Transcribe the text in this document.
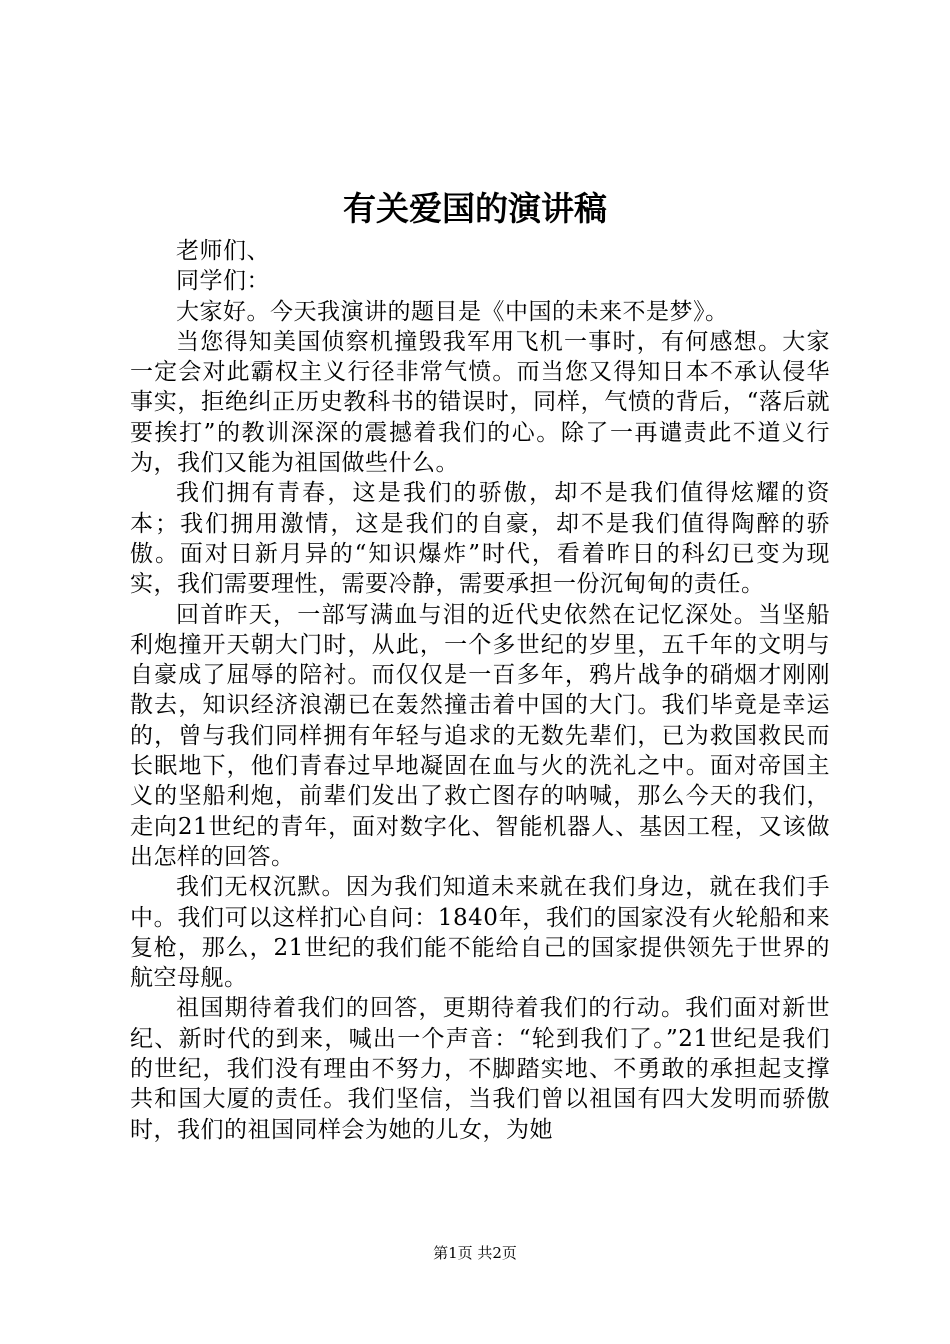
有关爱国的演讲稿

老师们、

同学们：

大家好。今天我演讲的题目是《中国的未来不是梦》。

当您得知美国侦察机撞毁我军用飞机一事时，有何感想。大家一定会对此霸权主义行径非常气愤。而当您又得知日本不承认侵华事实，拒绝纠正历史教科书的错误时，同样，气愤的背后，“落后就要挨打”的教训深深的震撼着我们的心。除了一再谴责此不道义行为，我们又能为祖国做些什么。

我们拥有青春，这是我们的骄傲，却不是我们值得炫耀的资本；我们拥用激情，这是我们的自豪，却不是我们值得陶醉的骄傲。面对日新月异的“知识爆炸”时代，看着昨日的科幻已变为现实，我们需要理性，需要冷静，需要承担一份沉甸甸的责任。

回首昨天，一部写满血与泪的近代史依然在记忆深处。当坚船利炮撞开天朝大门时，从此，一个多世纪的岁里，五千年的文明与自豪成了屈辱的陪衬。而仅仅是一百多年，鸦片战争的硝烟才刚刚散去，知识经济浪潮已在轰然撞击着中国的大门。我们毕竟是幸运的，曾与我们同样拥有年轻与追求的无数先辈们，已为救国救民而长眠地下，他们青春过早地凝固在血与火的洗礼之中。面对帝国主义的坚船利炮，前辈们发出了救亡图存的呐喊，那么今天的我们，走向21世纪的青年，面对数字化、智能机器人、基因工程，又该做出怎样的回答。

我们无权沉默。因为我们知道未来就在我们身边，就在我们手中。我们可以这样扪心自问：1840年，我们的国家没有火轮船和来复枪，那么，21世纪的我们能不能给自己的国家提供领先于世界的航空母舰。

祖国期待着我们的回答，更期待着我们的行动。我们面对新世纪、新时代的到来，喊出一个声音：“轮到我们了。”21世纪是我们的世纪，我们没有理由不努力，不脚踏实地、不勇敢的承担起支撑共和国大厦的责任。我们坚信，当我们曾以祖国有四大发明而骄傲时，我们的祖国同样会为她的儿女，为她

第1页 共2页
